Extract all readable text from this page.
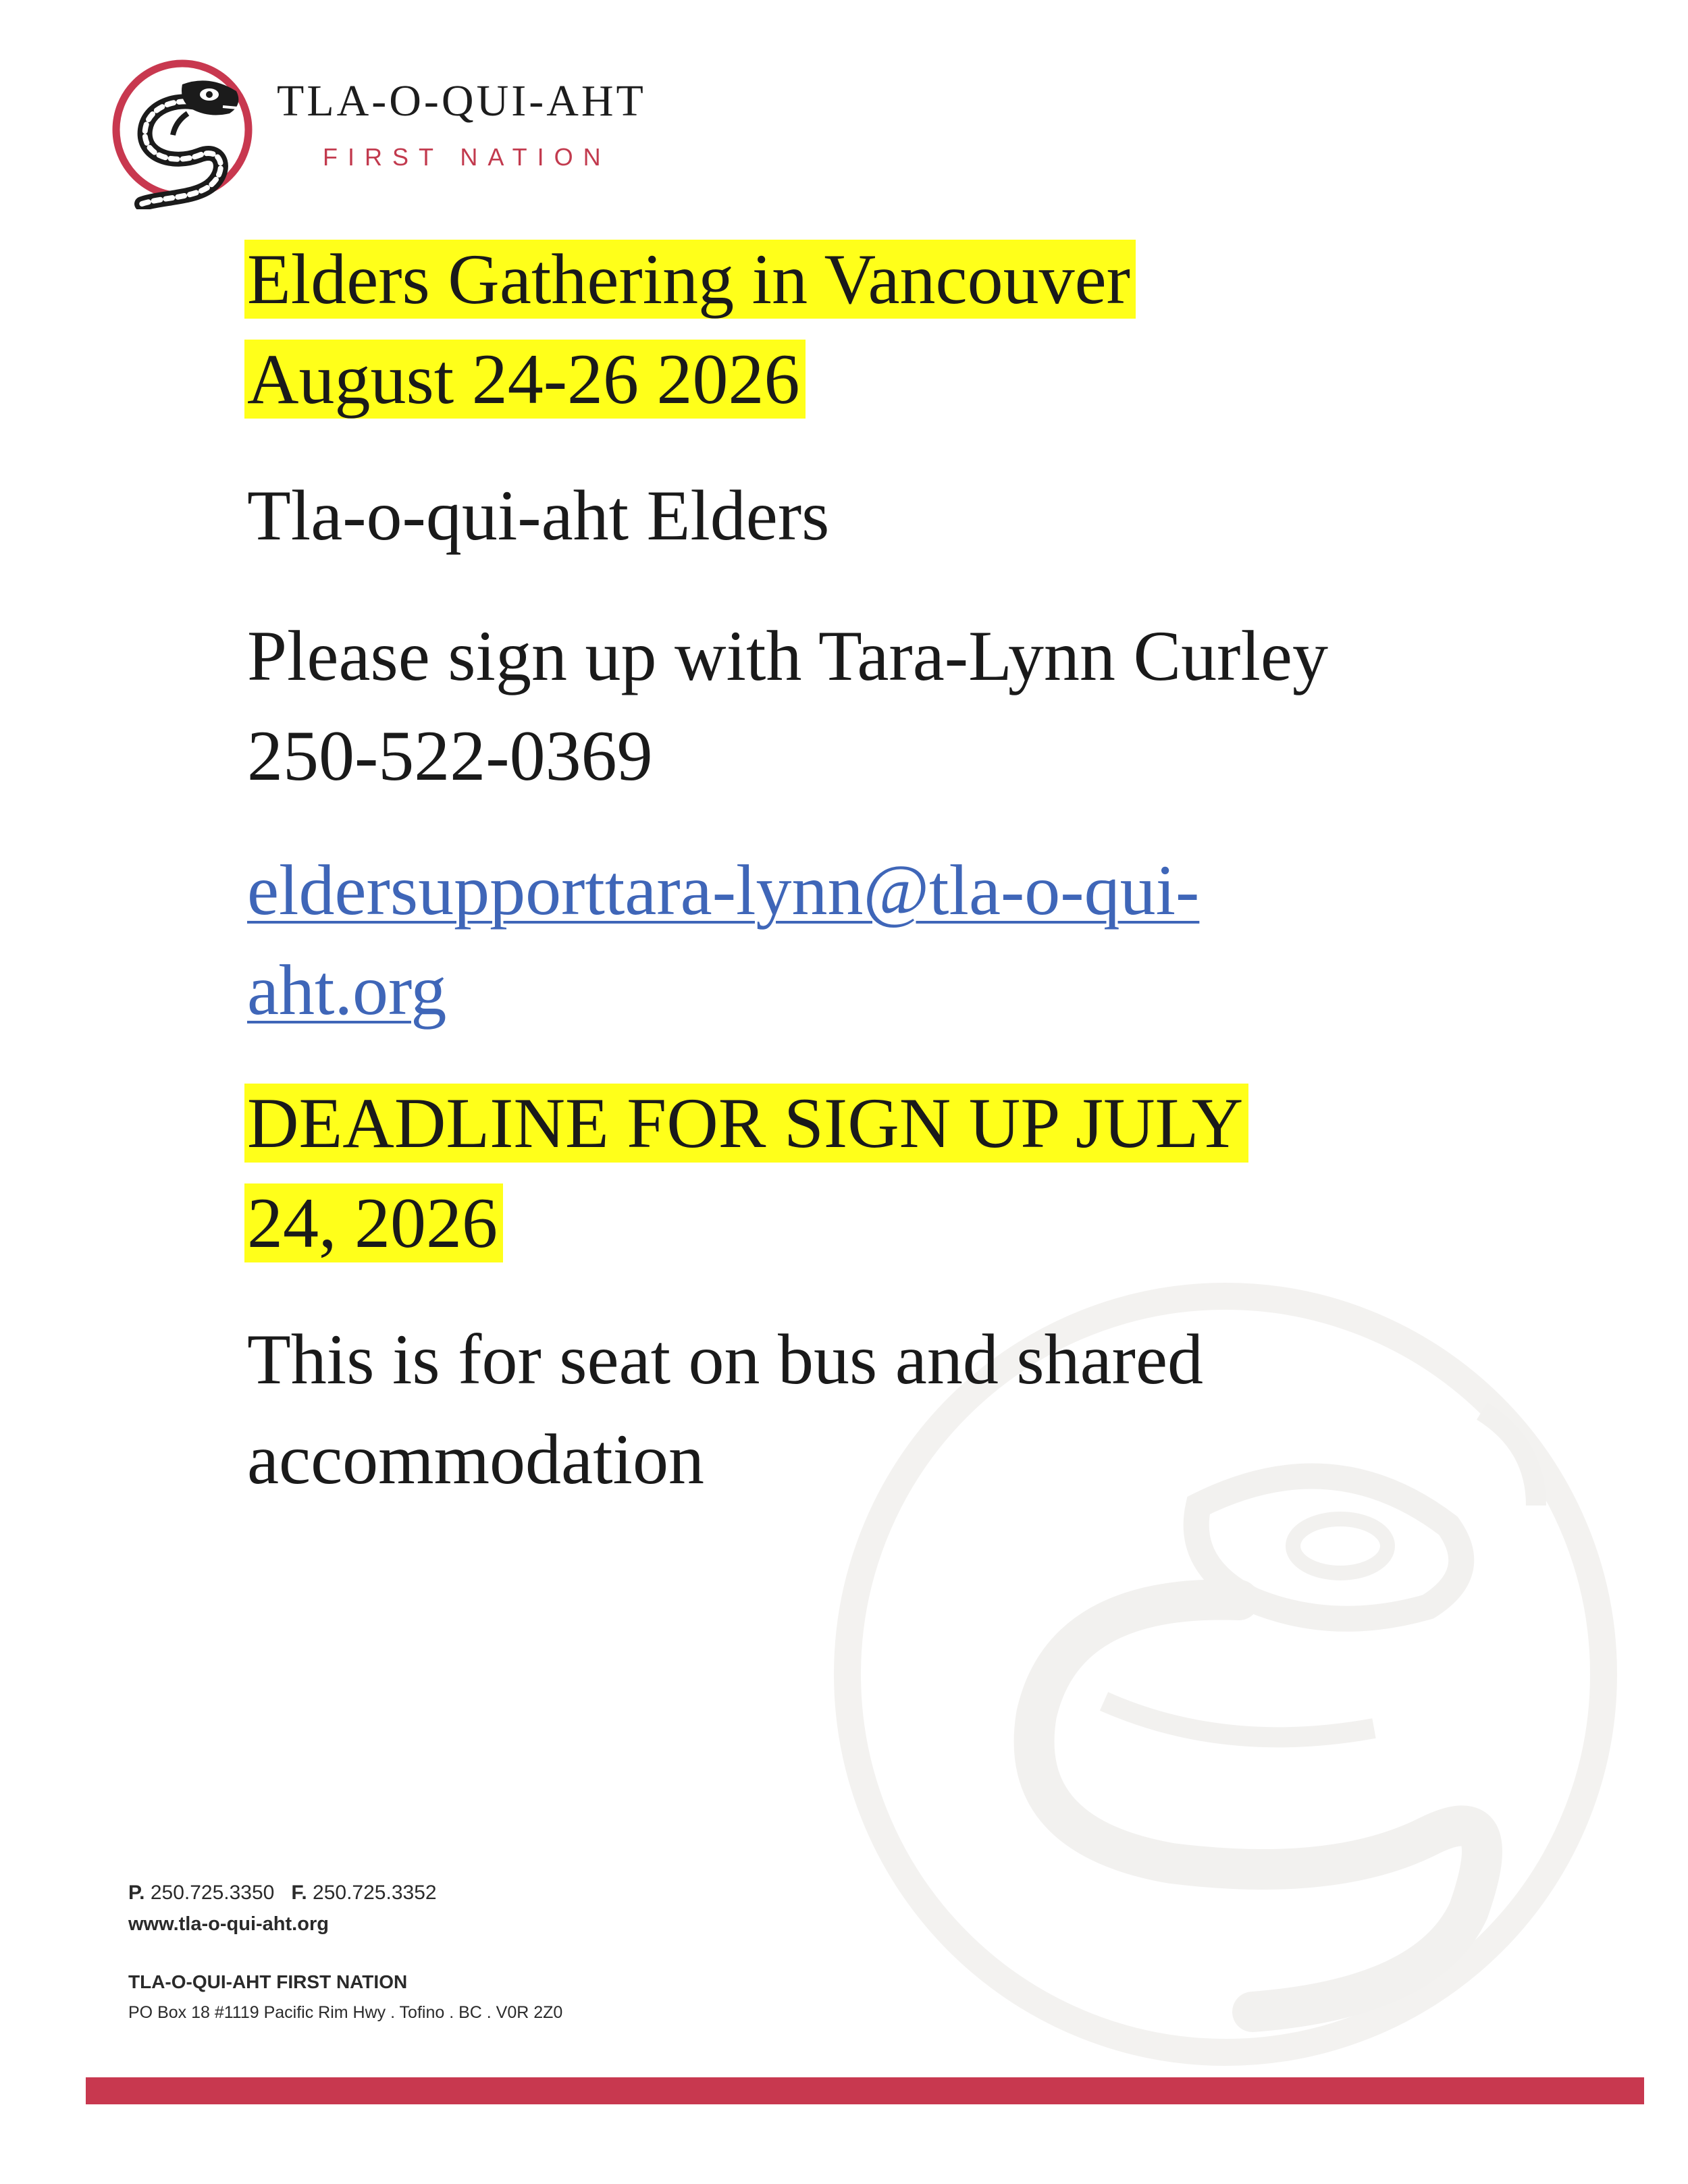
TLA-O-QUI-AHT
FIRST NATION
Elders Gathering in Vancouver
August 24-26 2026
Tla-o-qui-aht Elders
Please sign up with Tara-Lynn Curley
250-522-0369
eldersupporttara-lynn@tla-o-qui-
aht.org
DEADLINE FOR SIGN UP JULY
24, 2026
This is for seat on bus and shared
accommodation
P. 250.725.3350 F. 250.725.3352
www.tla-o-qui-aht.org
TLA-O-QUI-AHT FIRST NATION
PO Box 18 #1119 Pacific Rim Hwy . Tofino . BC . V0R 2Z0
